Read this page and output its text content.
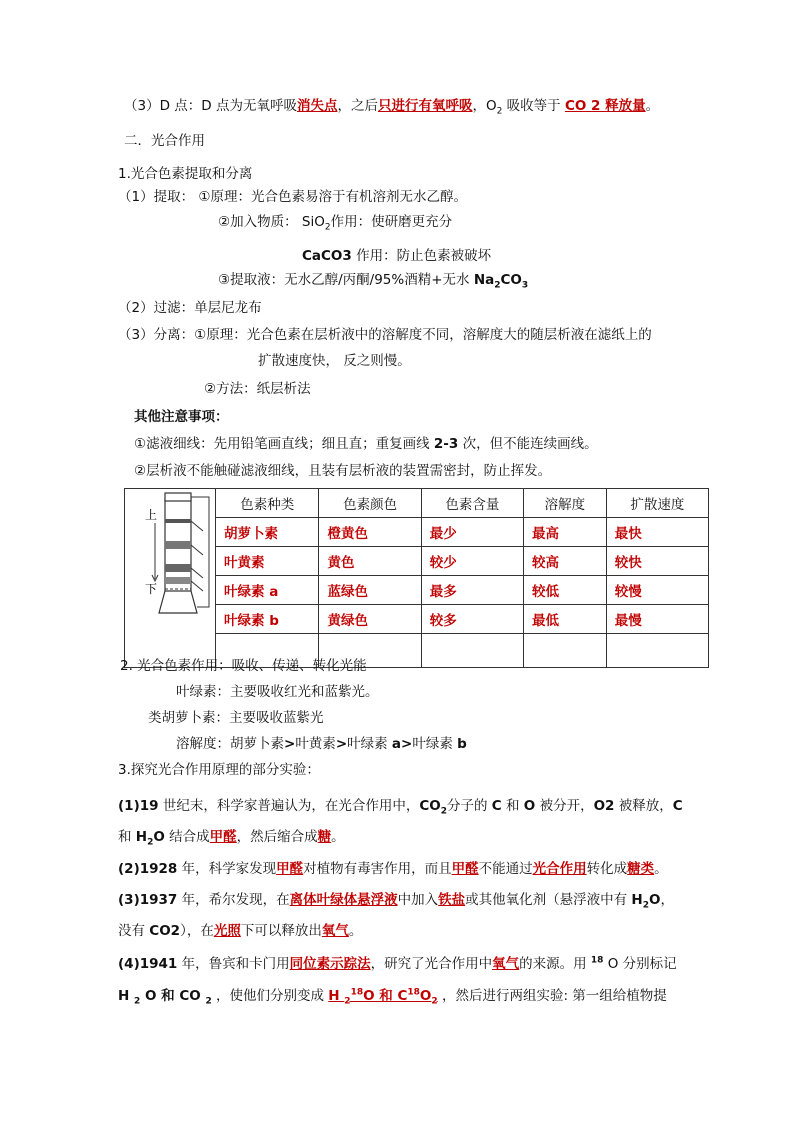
（3）D 点：D 点为无氧呼吸消失点，之后只进行有氧呼吸，$O_2$ 吸收等于 CO 2 释放量。
二．光合作用
1.光合色素提取和分离
（1）提取： ①原理：光合色素易溶于有机溶剂无水乙醇。
②加入物质： SiO$_2$作用：使研磨更充分
CaCO3 作用：防止色素被破坏
③提取液：无水乙醇/丙酮/95%酒精+无水 $Na_2CO_3$
（2）过滤：单层尼龙布
（3）分离：①原理：光合色素在层析液中的溶解度不同，溶解度大的随层析液在滤纸上的
扩散速度快， 反之则慢。
②方法：纸层析法
其他注意事项：
①滤液细线：先用铅笔画直线；细且直；重复画线 2-3 次，但不能连续画线。
②层析液不能触碰滤液细线，且装有层析液的装置需密封，防止挥发。
上
下	色素种类	色素颜色	色素含量	溶解度	扩散速度
	胡萝卜素	橙黄色	最少	最高	最快
	叶黄素	黄色	较少	较高	较快
	叶绿素 a	蓝绿色	最多	较低	较慢
	叶绿素 b	黄绿色	较多	最低	最慢

2. 光合色素作用：吸收、传递、转化光能
叶绿素：主要吸收红光和蓝紫光。
类胡萝卜素：主要吸收蓝紫光
溶解度：胡萝卜素>叶黄素>叶绿素 a>叶绿素 b
3.探究光合作用原理的部分实验：
(1)19 世纪末，科学家普遍认为，在光合作用中，$CO_2$分子的 C 和 O 被分开，O2 被释放，C
和 $H_2O$ 结合成甲醛，然后缩合成糖。
(2)1928 年，科学家发现甲醛对植物有毒害作用，而且甲醛不能通过光合作用转化成糖类。
(3)1937 年，希尔发现，在离体叶绿体悬浮液中加入铁盐或其他氧化剂（悬浮液中有 $H_2O$，
没有 CO2），在光照下可以释放出氧气。
(4)1941 年，鲁宾和卡门用同位素示踪法，研究了光合作用中氧气的来源。用 $^{18}$ O 分别标记
H $_2$ O 和 CO $_2$ ，使他们分别变成 H $_2^{18}$O 和 $C^{18}O_2$ ，然后进行两组实验: 第一组给植物提
